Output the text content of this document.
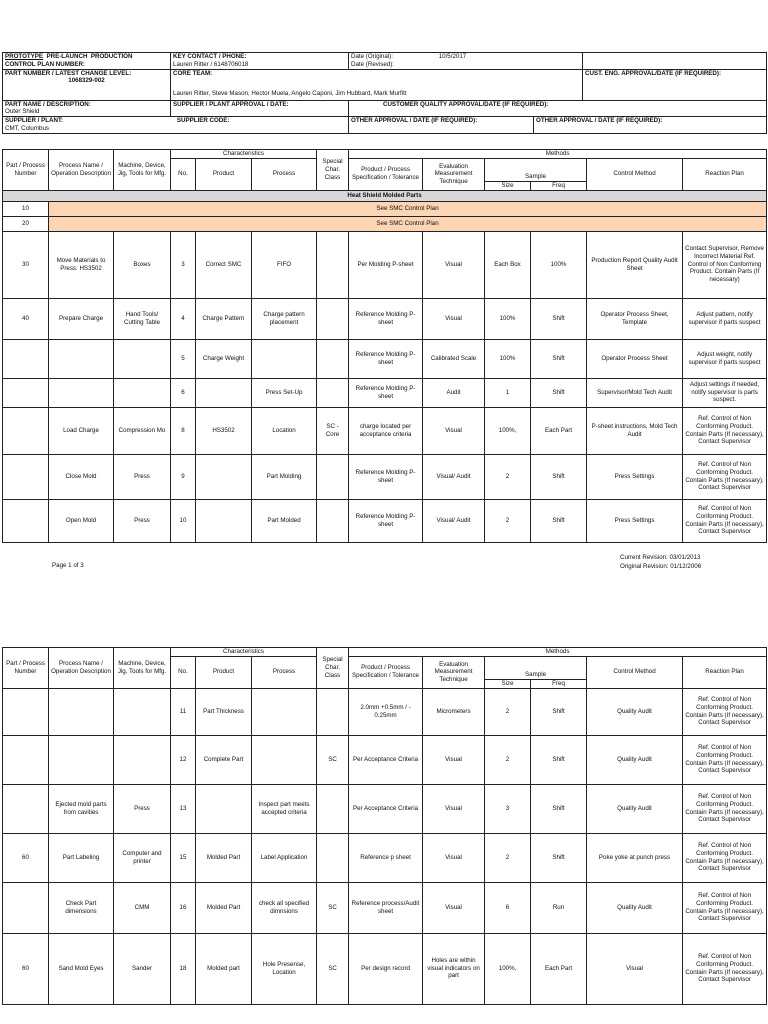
PROTOTYPE PRE-LAUNCH PRODUCTION
CONTROL PLAN NUMBER:	KEY CONTACT / PHONE:
Lauren Ritter / 6148706018	Date (Original): 10/5/2017
Date (Revised):		
PART NUMBER / LATEST CHANGE LEVEL:

1068329-002	CORE TEAM:
Lauren Ritter, Steve Mason, Hector Muela, Angelo Caponi, Jim Hubbard, Mark Murfitt			CUST. ENG. APPROVAL/DATE (IF REQUIRED):
PART NAME / DESCRIPTION:
Outer Shield	SUPPLIER / PLANT APPROVAL / DATE:	CUSTOMER QUALITY APPROVAL/DATE (IF REQUIRED):		
SUPPLIER / PLANT: SUPPLIER CODE:
CMT, Columbus		OTHER APPROVAL / DATE (IF REQUIRED):	OTHER APPROVAL / DATE (IF REQUIRED):	
Part / Process Number	Process Name / Operation Description	Machine, Device, Jig, Tools for Mfg.	Characteristics			Special Char. Class	Methods					
			No.	Product	Process		Product / Process Specification / Tolerance	Evaluation Measurement Technique	Sample		Control Method	Reaction Plan
									Size	Freq		
Heat Shield Molded Parts												
10	See SMC Control Plan											
20	See SMC Control Plan											
30	Move Materials to Press: HS3502	Boxes	3	Correct SMC	FIFO		Per Molding P-sheet	Visual	Each Box	100%	Production Report Quality Audit Sheet	Contact Supervisor, Remove Incorrect Material Ref. Control of Non Conforming Product. Contain Parts (If necessary)
40	Prepare Charge	Hand Tools/ Cutting Table	4	Charge Pattern	Charge pattern placement		Reference Molding P-sheet	Visual	100%	Shift	Operator Process Sheet, Template	Adjust pattern, notify supervisor if parts suspect
			5	Charge Weight			Reference Molding P-sheet	Calibrated Scale	100%	Shift	Operator Process Sheet	Adjust weight, notify supervisor if parts suspect
			6		Press Set-Up		Reference Molding P-sheet	Audit	1	Shift	Supervisor/Mold Tech Audit	Adjust settings if needed, notify supervisor is parts suspect.
	Load Charge	Compression Mo	8	HS3502	Location	SC - Core	charge located per acceptance criteria	Visual	100%,	Each Part	P-sheet instructions, Mold Tech Audit	Ref. Control of Non Conforming Product. Contain Parts (If necessary), Contact Supervisor
	Close Mold	Press	9		Part Molding		Reference Molding P-sheet	Visual/ Audit	2	Shift	Press Settings	Ref. Control of Non Conforming Product. Contain Parts (If necessary), Contact Supervisor
	Open Mold	Press	10		Part Molded		Reference Molding P-sheet	Visual/ Audit	2	Shift	Press Settings	Ref. Control of Non Conforming Product. Contain Parts (If necessary), Contact Supervisor
Page 1 of 3
Current Revision: 03/01/2013
Original Revision: 01/12/2006
Part / Process Number	Process Name / Operation Description	Machine, Device, Jig, Tools for Mfg.	Characteristics			Special Char. Class	Methods					
			No.	Product	Process		Product / Process Specification / Tolerance	Evaluation Measurement Technique	Sample		Control Method	Reaction Plan
									Size	Freq		
			11	Part Thickness			2.0mm +0.5mm / - 0.25mm	Micrometers	2	Shift	Quality Audit	Ref. Control of Non Conforming Product. Contain Parts (If necessary), Contact Supervisor
			12	Complete Part		SC	Per Acceptance Criteria	Visual	2	Shift	Quality Audit	Ref. Control of Non Conforming Product. Contain Parts (If necessary), Contact Supervisor
	Ejected mold parts from cavities	Press	13		Inspect part meets accepted criteria		Per Acceptance Criteria	Visual	3	Shift	Quality Audit	Ref. Control of Non Conforming Product. Contain Parts (If necessary), Contact Supervisor
60	Part Labeling	Computer and printer	15	Molded Part	Label Application		Reference p sheet	Visual	2	Shift	Poke yoke at punch press	Ref. Control of Non Conforming Product. Contain Parts (If necessary), Contact Supervisor
	Check Part dimensions	CMM	16	Molded Part	check all specified dimnsions	SC	Reference process/Audit sheet	Visual	6	Run	Quality Audit	Ref. Control of Non Conforming Product. Contain Parts (If necessary), Contact Supervisor
60	Sand Mold Eyes	Sander	18	Molded part	Hole Presense, Location	SC	Per design record	Holes are within visual indicators on part	100%,	Each Part	Visual	Ref. Control of Non Conforming Product. Contain Parts (If necessary), Contact Supervisor
